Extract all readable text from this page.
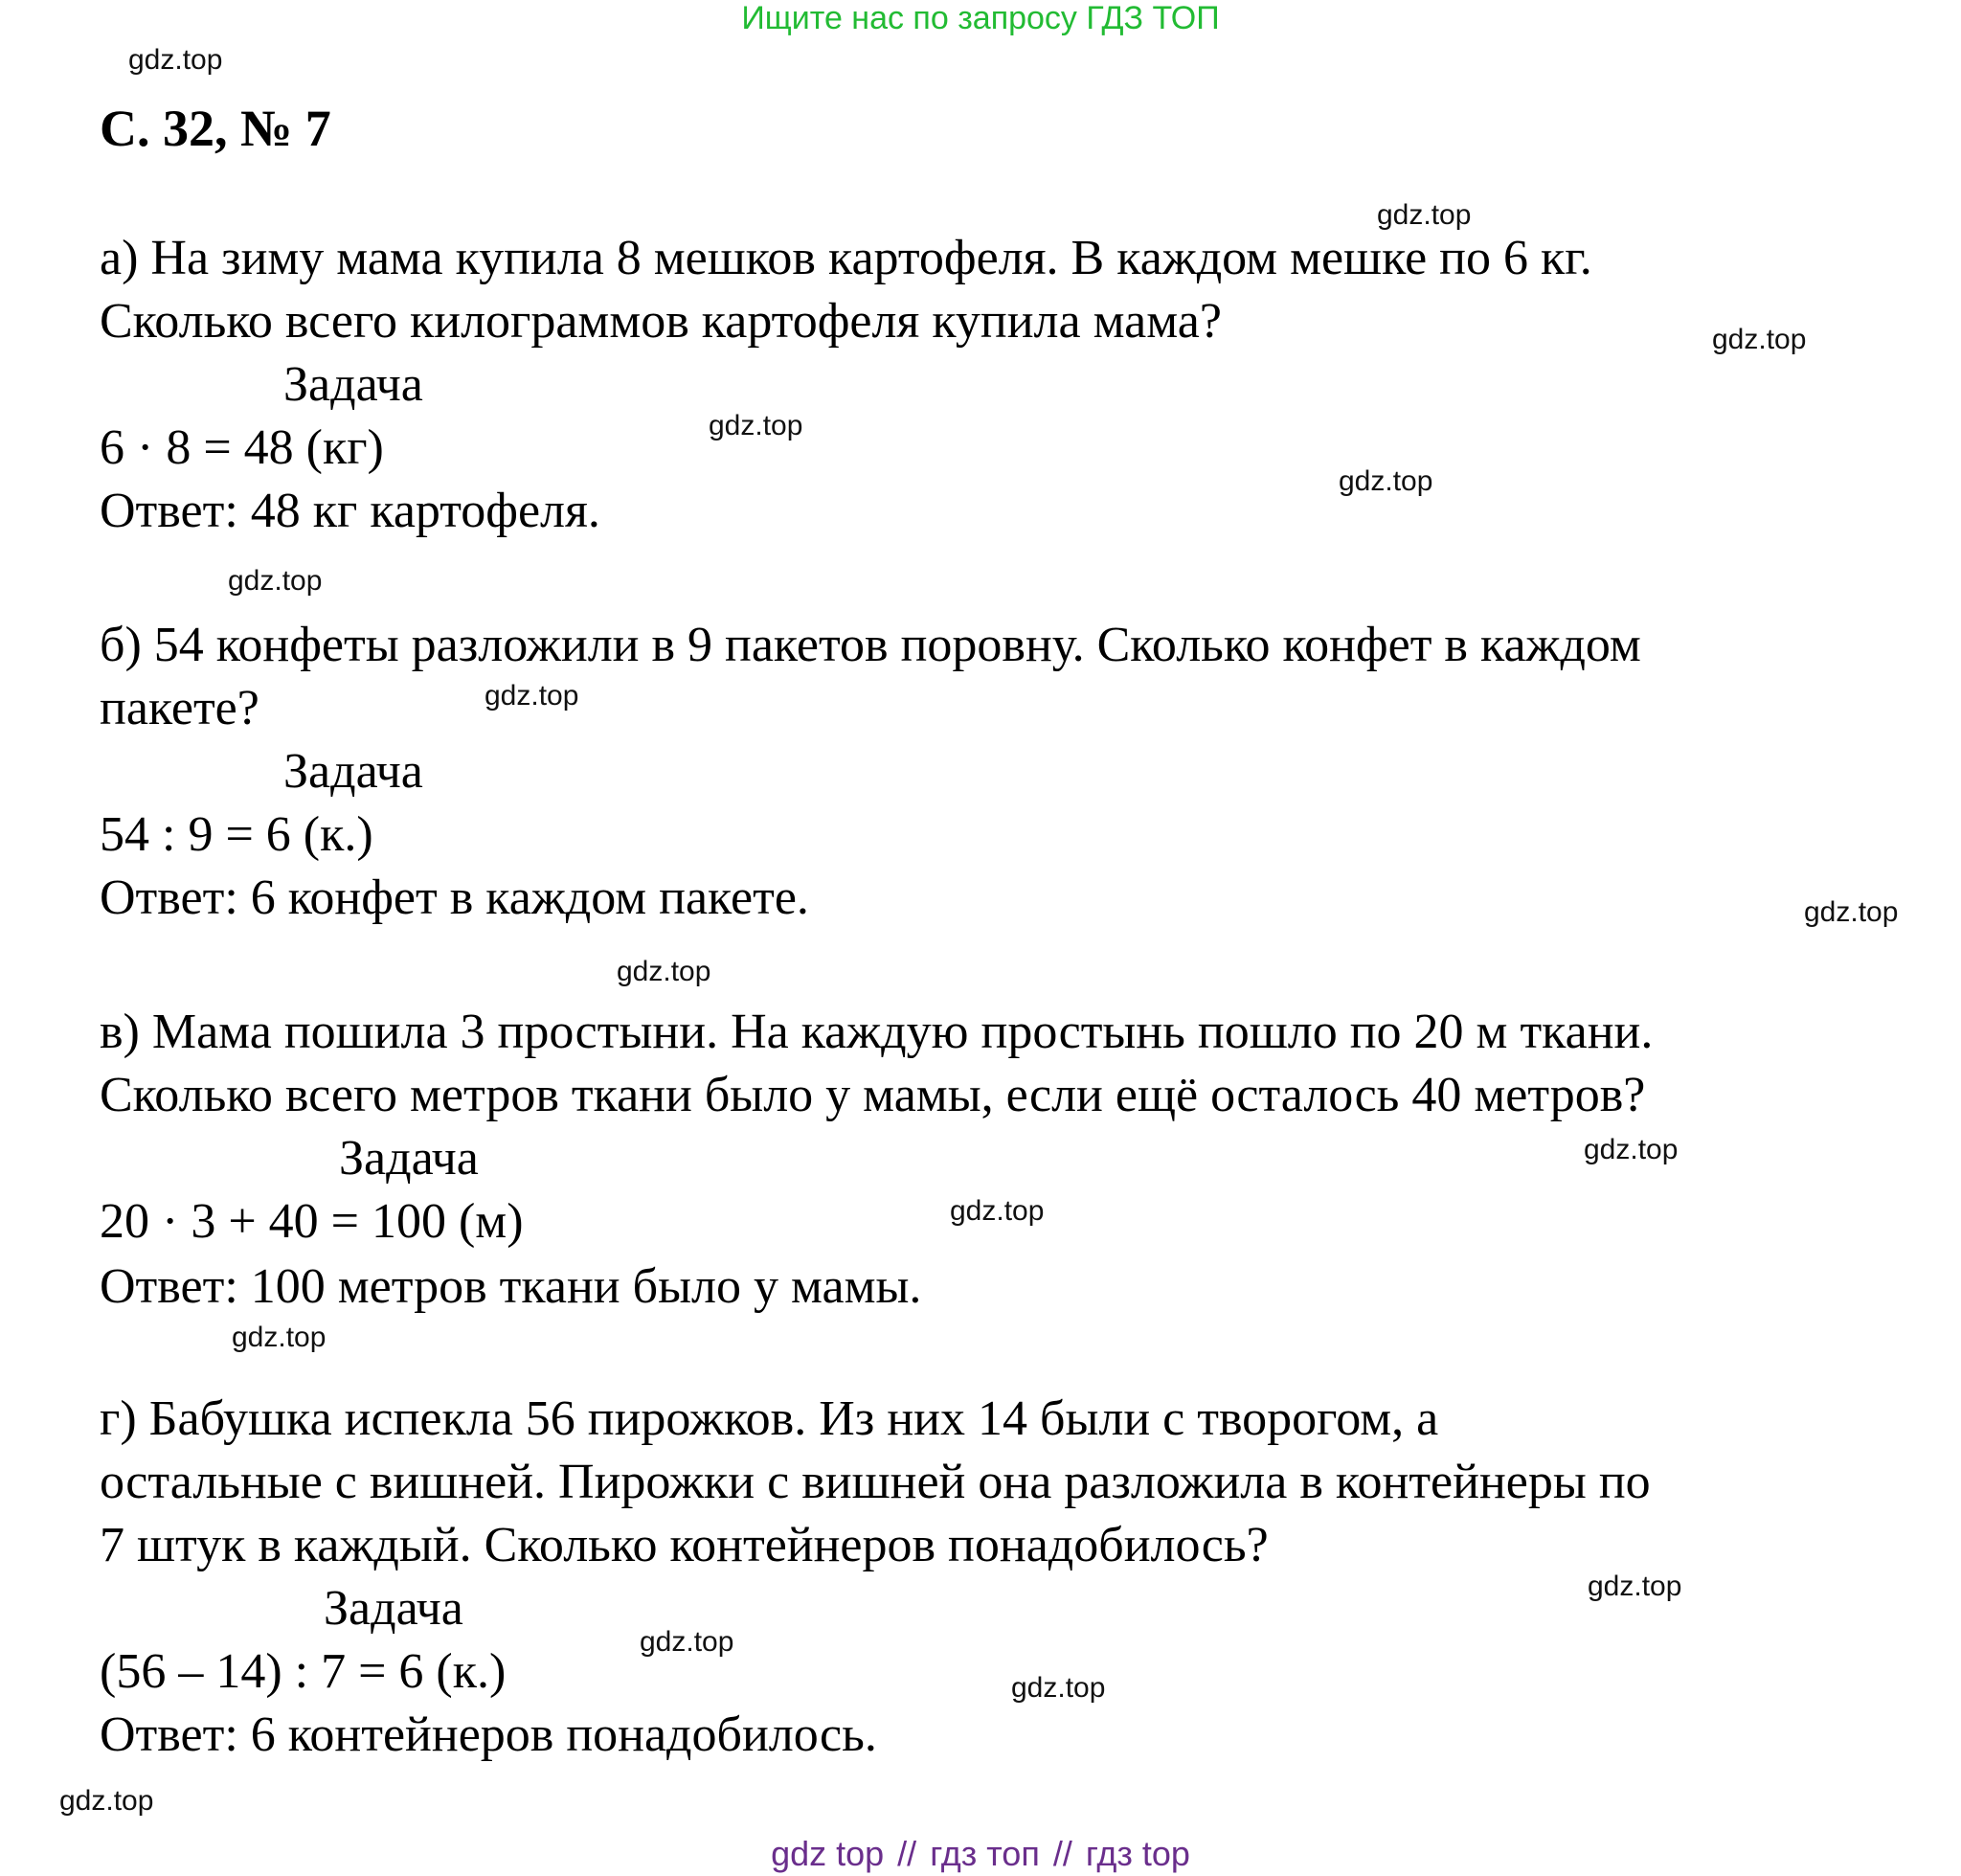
Ищите нас по запросу ГДЗ ТОП
gdz.top
gdz.top
gdz.top
gdz.top
gdz.top
gdz.top
gdz.top
gdz.top
gdz.top
gdz.top
gdz.top
gdz.top
gdz.top
gdz.top
gdz.top
gdz.top
С. 32, № 7
а) На зиму мама купила 8 мешков картофеля. В каждом мешке по 6 кг.
Сколько всего килограммов картофеля купила мама?
Задача
6 · 8 = 48 (кг)
Ответ: 48 кг картофеля.
б) 54 конфеты разложили в 9 пакетов поровну. Сколько конфет в каждом
пакете?
Задача
54 : 9 = 6 (к.)
Ответ: 6 конфет в каждом пакете.
в) Мама пошила 3 простыни. На каждую простынь пошло по 20 м ткани.
Сколько всего метров ткани было у мамы, если ещё осталось 40 метров?
Задача
20 · 3 + 40 = 100 (м)
Ответ: 100 метров ткани было у мамы.
г) Бабушка испекла 56 пирожков. Из них 14 были с творогом, а
остальные с вишней. Пирожки с вишней она разложила в контейнеры по
7 штук в каждый. Сколько контейнеров понадобилось?
Задача
(56 – 14) : 7 = 6 (к.)
Ответ: 6 контейнеров понадобилось.
gdz top // гдз топ // гдз top
